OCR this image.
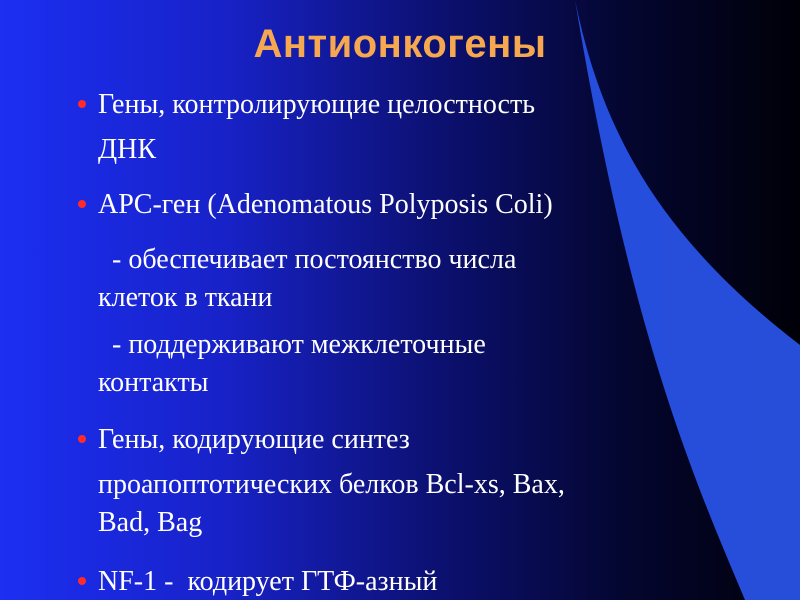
Антионкогены
Гены, контролирующие целостность
ДНК
APC-ген (Adenomatous Polyposis Coli)
- обеспечивает постоянство числа
клеток в ткани
- поддерживают межклеточные
контакты
Гены, кодирующие синтез
проапоптотических белков Bcl-xs, Bax,
Bad, Bag
NF-1 -  кодирует ГТФ-азный
